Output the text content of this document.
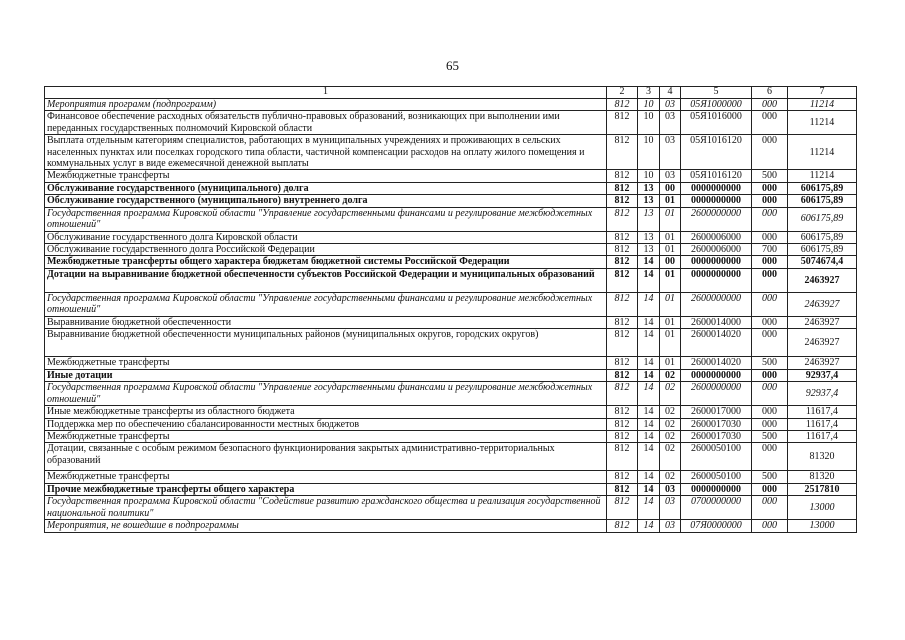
65
1	2	3	4	5	6	7
Мероприятия программ (подпрограмм)	812	10	03	05Я1000000	000	11214
Финансовое обеспечение расходных обязательств публично-правовых образований, возникающих при выполнении ими переданных государственных полномочий Кировской области	812	10	03	05Я1016000	000	11214
Выплата отдельным категориям специалистов, работающих в муниципальных учреждениях и проживающих в сельских населенных пунктах или поселках городского типа области, частичной компенсации расходов на оплату жилого помещения и коммунальных услуг в виде ежемесячной денежной выплаты	812	10	03	05Я1016120	000	11214
Межбюджетные трансферты	812	10	03	05Я1016120	500	11214
Обслуживание государственного (муниципального) долга	812	13	00	0000000000	000	606175,89
Обслуживание государственного (муниципального) внутреннего долга	812	13	01	0000000000	000	606175,89
Государственная программа Кировской области "Управление государственными финансами и регулирование межбюджетных отношений"	812	13	01	2600000000	000	606175,89
Обслуживание государственного долга Кировской области	812	13	01	2600006000	000	606175,89
Обслуживание государственного долга Российской Федерации	812	13	01	2600006000	700	606175,89
Межбюджетные трансферты общего характера бюджетам бюджетной системы Российской Федерации	812	14	00	0000000000	000	5074674,4
Дотации на выравнивание бюджетной обеспеченности субъектов Российской Федерации и муниципальных образований	812	14	01	0000000000	000	2463927
Государственная программа Кировской области "Управление государственными финансами и регулирование межбюджетных отношений"	812	14	01	2600000000	000	2463927
Выравнивание бюджетной обеспеченности	812	14	01	2600014000	000	2463927
Выравнивание бюджетной обеспеченности муниципальных районов (муниципальных округов, городских округов)	812	14	01	2600014020	000	2463927
Межбюджетные трансферты	812	14	01	2600014020	500	2463927
Иные дотации	812	14	02	0000000000	000	92937,4
Государственная программа Кировской области "Управление государственными финансами и регулирование межбюджетных отношений"	812	14	02	2600000000	000	92937,4
Иные межбюджетные трансферты из областного бюджета	812	14	02	2600017000	000	11617,4
Поддержка мер по обеспечению сбалансированности местных бюджетов	812	14	02	2600017030	000	11617,4
Межбюджетные трансферты	812	14	02	2600017030	500	11617,4
Дотации, связанные с особым режимом безопасного функционирования закрытых административно-территориальных образований	812	14	02	2600050100	000	81320
Межбюджетные трансферты	812	14	02	2600050100	500	81320
Прочие межбюджетные трансферты общего характера	812	14	03	0000000000	000	2517810
Государственная программа Кировской области "Содействие развитию гражданского общества и реализация государственной национальной политики"	812	14	03	0700000000	000	13000
Мероприятия, не вошедшие в подпрограммы	812	14	03	07Я0000000	000	13000
